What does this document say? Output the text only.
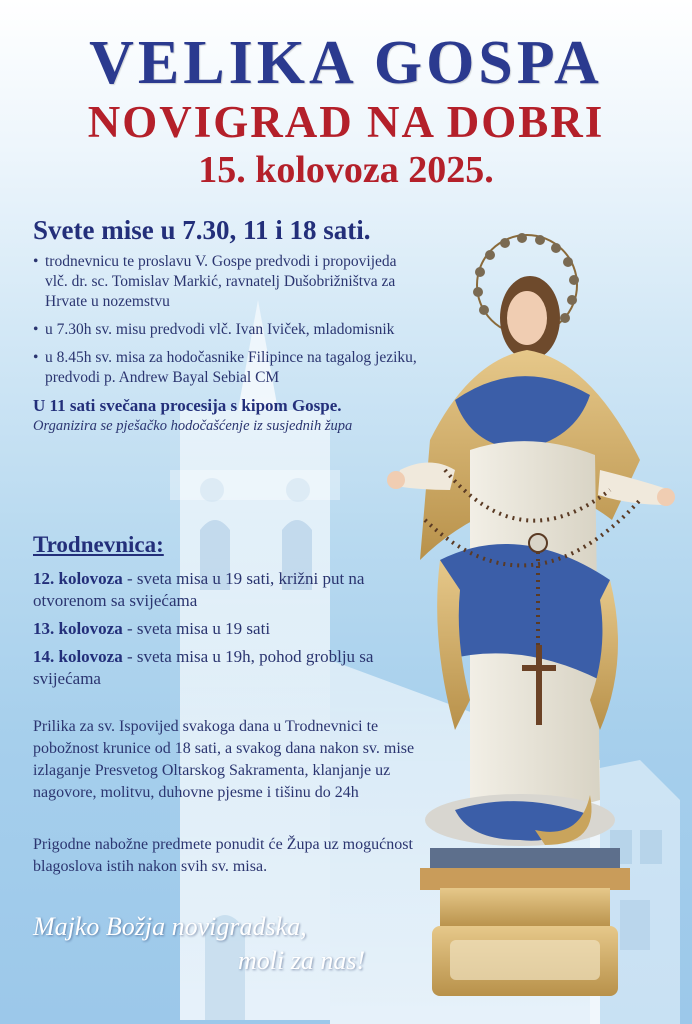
VELIKA GOSPA
NOVIGRAD NA DOBRI
15. kolovoza 2025.
Svete mise u 7.30, 11 i 18 sati.
• trodnevnicu te proslavu V. Gospe predvodi i propovijeda vlč. dr. sc. Tomislav Markić, ravnatelj Dušobrižništva za Hrvate u nozemstvu
• u 7.30h sv. misu predvodi vlč. Ivan Iviček, mladomisnik
• u 8.45h sv. misa za hodočasnike Filipince na tagalog jeziku, predvodi p. Andrew Bayal Sebial CM
U 11 sati svečana procesija s kipom Gospe.
Organizira se pješačko hodočašćenje iz susjednih župa
Trodnevnica:
12. kolovoza - sveta misa u 19 sati, križni put na otvorenom sa svijećama
13. kolovoza - sveta misa u 19 sati
14. kolovoza - sveta misa u 19h, pohod groblju sa svijećama
Prilika za sv. Ispovijed svakoga dana u Trodnevnici te pobožnost krunice od 18 sati, a svakog dana nakon sv. mise izlaganje Presvetog Oltarskog Sakramenta, klanjanje uz nagovore, molitvu, duhovne pjesme i tišinu do 24h
Prigodne nabožne predmete ponudit će Župa uz mogućnost blagoslova istih nakon svih sv. misa.
Majko Božja novigradska,
moli za nas!
